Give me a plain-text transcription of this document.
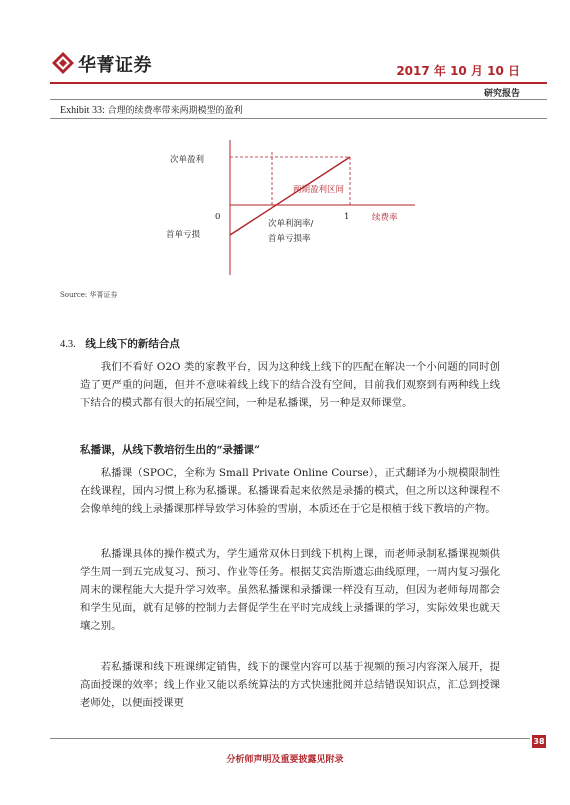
华菁证券	2017 年 10 月 10 日
研究报告
Exhibit 33: 合理的续费率带来两期模型的盈利
次单盈利
首单亏损
0	1	续费率
两期盈利区间
次单利润率/
首单亏损率
Source: 华菁证券
4.3. 线上线下的新结合点
我们不看好 O2O 类的家教平台，因为这种线上线下的匹配在解决一个小问题的同时创造了更严重的问题，但并不意味着线上线下的结合没有空间，目前我们观察到有两种线上线下结合的模式都有很大的拓展空间，一种是私播课，另一种是双师课堂。
私播课，从线下教培衍生出的“录播课”
私播课（SPOC，全称为 Small Private Online Course），正式翻译为小规模限制性在线课程，国内习惯上称为私播课。私播课看起来依然是录播的模式，但之所以这种课程不会像单纯的线上录播课那样导致学习体验的雪崩，本质还在于它是根植于线下教培的产物。
私播课具体的操作模式为，学生通常双休日到线下机构上课，而老师录制私播课视频供学生周一到五完成复习、预习、作业等任务。根据艾宾浩斯遗忘曲线原理，一周内复习强化周末的课程能大大提升学习效率。虽然私播课和录播课一样没有互动，但因为老师每周都会和学生见面，就有足够的控制力去督促学生在平时完成线上录播课的学习，实际效果也就天壤之别。
若私播课和线下班课绑定销售，线下的课堂内容可以基于视频的预习内容深入展开，提高面授课的效率；线上作业又能以系统算法的方式快速批阅并总结错误知识点，汇总到授课老师处，以便面授课更
38
分析师声明及重要披露见附录
